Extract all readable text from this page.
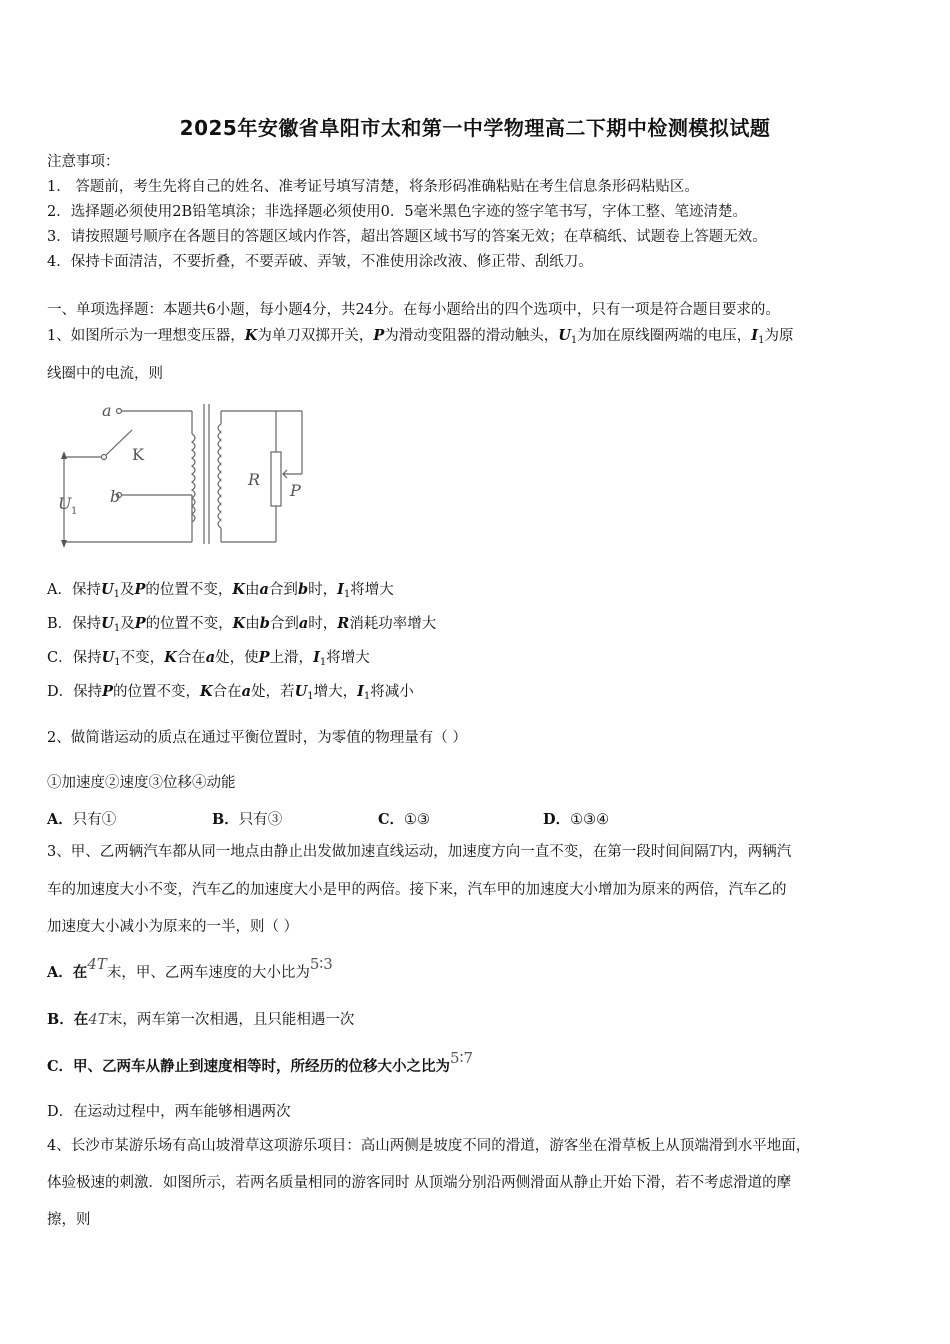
2025年安徽省阜阳市太和第一中学物理高二下期中检测模拟试题
注意事项：
1． 答题前，考生先将自己的姓名、准考证号填写清楚，将条形码准确粘贴在考生信息条形码粘贴区。
2．选择题必须使用2B铅笔填涂；非选择题必须使用0．5毫米黑色字迹的签字笔书写，字体工整、笔迹清楚。
3．请按照题号顺序在各题目的答题区域内作答，超出答题区域书写的答案无效；在草稿纸、试题卷上答题无效。
4．保持卡面清洁，不要折叠，不要弄破、弄皱，不准使用涂改液、修正带、刮纸刀。
一、单项选择题：本题共6小题，每小题4分，共24分。在每小题给出的四个选项中，只有一项是符合题目要求的。
1、如图所示为一理想变压器，K为单刀双掷开关，P为滑动变阻器的滑动触头，$U_1$为加在原线圈两端的电压，$I_1$为原
线圈中的电流，则
a
b
R
P
U 1
K
A．保持$U_1$及P的位置不变，K由a合到b时，$I_1$将增大
B．保持$U_1$及P的位置不变，K由b合到a时，R消耗功率增大
C．保持$U_1$不变，K合在a处，使P上滑，$I_1$将增大
D．保持P的位置不变，K合在a处，若$U_1$增大，$I_1$将减小
2、做简谐运动的质点在通过平衡位置时，为零值的物理量有（ ）
①加速度②速度③位移④动能
A．只有①	B．只有③	C．①③	D．①③④
3、甲、乙两辆汽车都从同一地点由静止出发做加速直线运动，加速度方向一直不变，在第一段时间间隔T内，两辆汽
车的加速度大小不变，汽车乙的加速度大小是甲的两倍。接下来，汽车甲的加速度大小增加为原来的两倍，汽车乙的
加速度大小减小为原来的一半，则（ ）
A．在4T末，甲、乙两车速度的大小比为5∶3
B．在4T末，两车第一次相遇，且只能相遇一次
C．甲、乙两车从静止到速度相等时，所经历的位移大小之比为5∶7
D．在运动过程中，两车能够相遇两次
4、长沙市某游乐场有高山坡滑草这项游乐项目：高山两侧是坡度不同的滑道，游客坐在滑草板上从顶端滑到水平地面，
体验极速的刺激．如图所示，若两名质量相同的游客同时 从顶端分别沿两侧滑面从静止开始下滑，若不考虑滑道的摩
擦，则
